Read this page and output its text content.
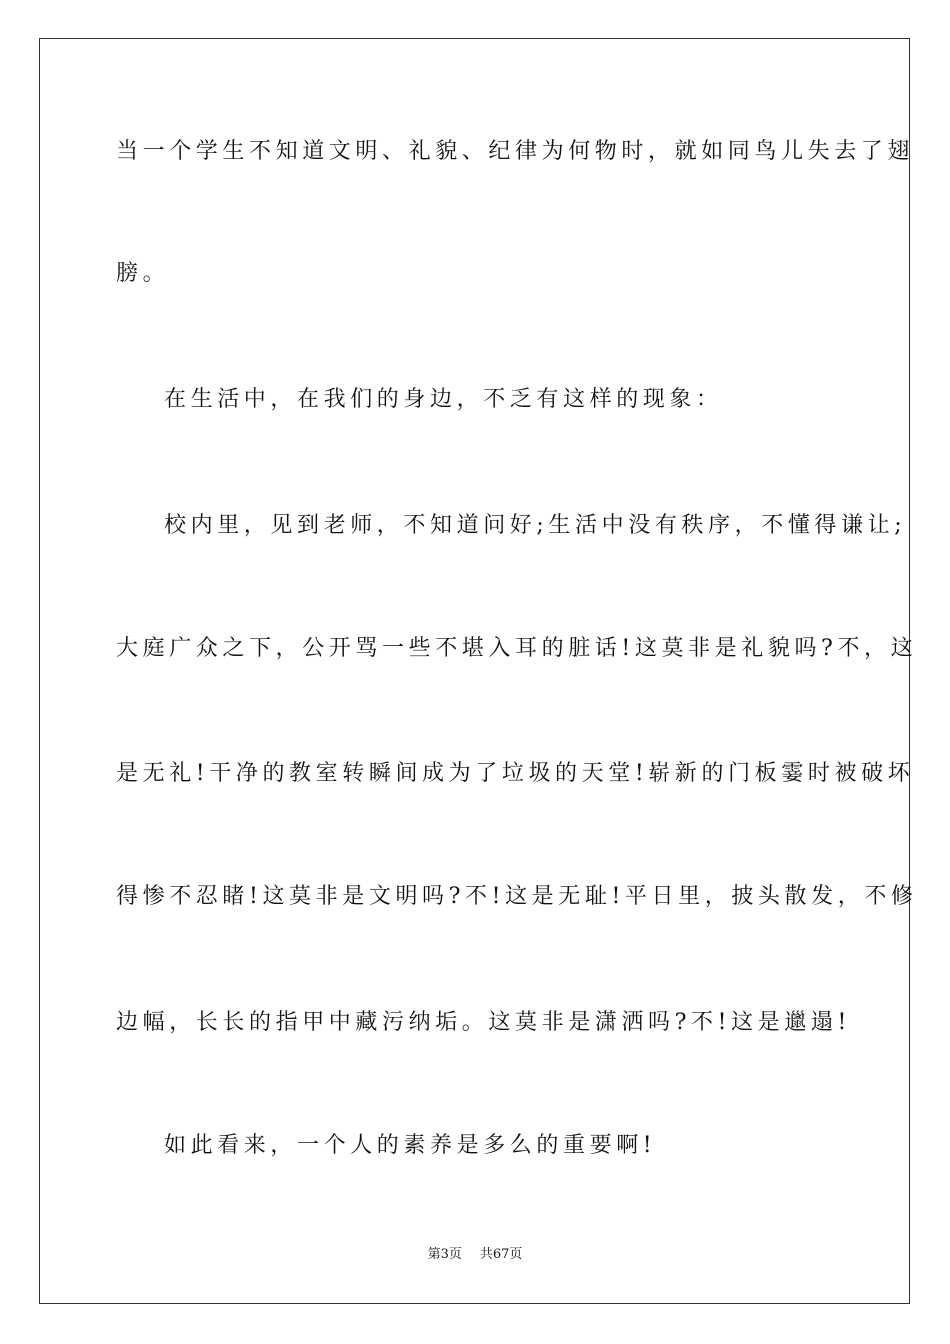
当一个学生不知道文明、礼貌、纪律为何物时，就如同鸟儿失去了翅
膀。
在生活中，在我们的身边，不乏有这样的现象：
校内里，见到老师，不知道问好;生活中没有秩序，不懂得谦让;
大庭广众之下，公开骂一些不堪入耳的脏话!这莫非是礼貌吗?不，这
是无礼!干净的教室转瞬间成为了垃圾的天堂!崭新的门板霎时被破坏
得惨不忍睹!这莫非是文明吗?不!这是无耻!平日里，披头散发，不修
边幅，长长的指甲中藏污纳垢。这莫非是潇洒吗?不!这是邋遢!
如此看来，一个人的素养是多么的重要啊!
第3页 共67页
